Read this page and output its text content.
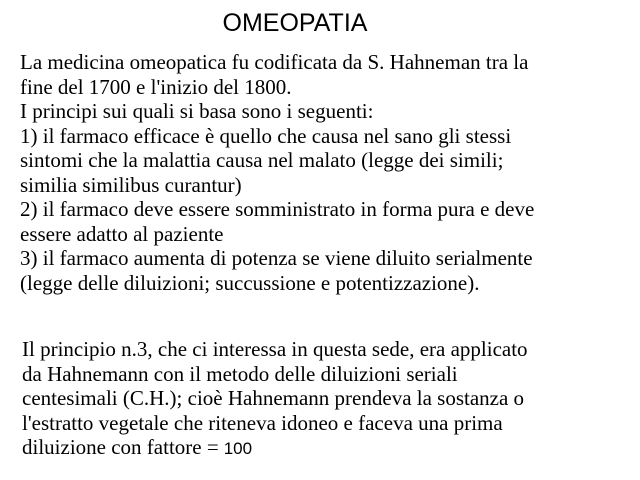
OMEOPATIA
La medicina omeopatica fu codificata da S. Hahneman tra la
fine del 1700 e l'inizio del 1800.
I principi sui quali si basa sono i seguenti:
1) il farmaco efficace è quello che causa nel sano gli stessi
sintomi che la malattia causa nel malato (legge dei simili;
similia similibus curantur)
2) il farmaco deve essere somministrato in forma pura e deve
essere adatto al paziente
3) il farmaco aumenta di potenza se viene diluito serialmente
(legge delle diluizioni; succussione e potentizzazione).
Il principio n.3, che ci interessa in questa sede, era applicato
da Hahnemann con il metodo delle diluizioni seriali
centesimali (C.H.); cioè Hahnemann prendeva la sostanza o
l'estratto vegetale che riteneva idoneo e faceva una prima
diluizione con fattore = 100
